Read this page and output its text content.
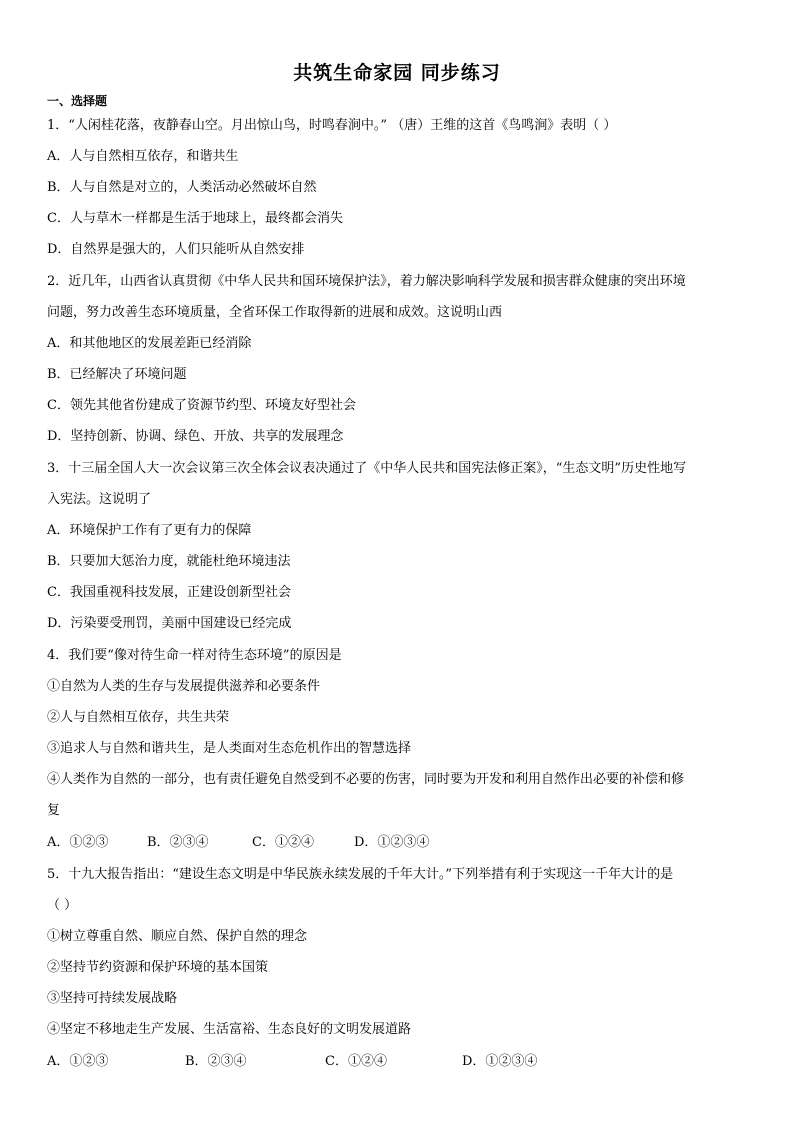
共筑生命家园 同步练习
一、选择题
1．“人闲桂花落，夜静春山空。月出惊山鸟，时鸣春涧中。” （唐）王维的这首《鸟鸣涧》表明（ ）
A．人与自然相互依存，和谐共生
B．人与自然是对立的，人类活动必然破坏自然
C．人与草木一样都是生活于地球上，最终都会消失
D．自然界是强大的，人们只能听从自然安排
2．近几年，山西省认真贯彻《中华人民共和国环境保护法》，着力解决影响科学发展和损害群众健康的突出环境
问题，努力改善生态环境质量，全省环保工作取得新的进展和成效。这说明山西
A．和其他地区的发展差距已经消除
B．已经解决了环境问题
C．领先其他省份建成了资源节约型、环境友好型社会
D．坚持创新、协调、绿色、开放、共享的发展理念
3．十三届全国人大一次会议第三次全体会议表决通过了《中华人民共和国宪法修正案》，“生态文明”历史性地写
入宪法。这说明了
A．环境保护工作有了更有力的保障
B．只要加大惩治力度，就能杜绝环境违法
C．我国重视科技发展，正建设创新型社会
D．污染要受刑罚，美丽中国建设已经完成
4．我们要“像对待生命一样对待生态环境”的原因是
①自然为人类的生存与发展提供滋养和必要条件
②人与自然相互依存，共生共荣
③追求人与自然和谐共生，是人类面对生态危机作出的智慧选择
④人类作为自然的一部分，也有责任避免自然受到不必要的伤害，同时要为开发和利用自然作出必要的补偿和修
复
A．①②③	B．②③④	C．①②④	D．①②③④
5．十九大报告指出：“建设生态文明是中华民族永续发展的千年大计。”下列举措有利于实现这一千年大计的是
（ ）
①树立尊重自然、顺应自然、保护自然的理念
②坚持节约资源和保护环境的基本国策
③坚持可持续发展战略
④坚定不移地走生产发展、生活富裕、生态良好的文明发展道路
A．①②③	B．②③④	C．①②④	D．①②③④
